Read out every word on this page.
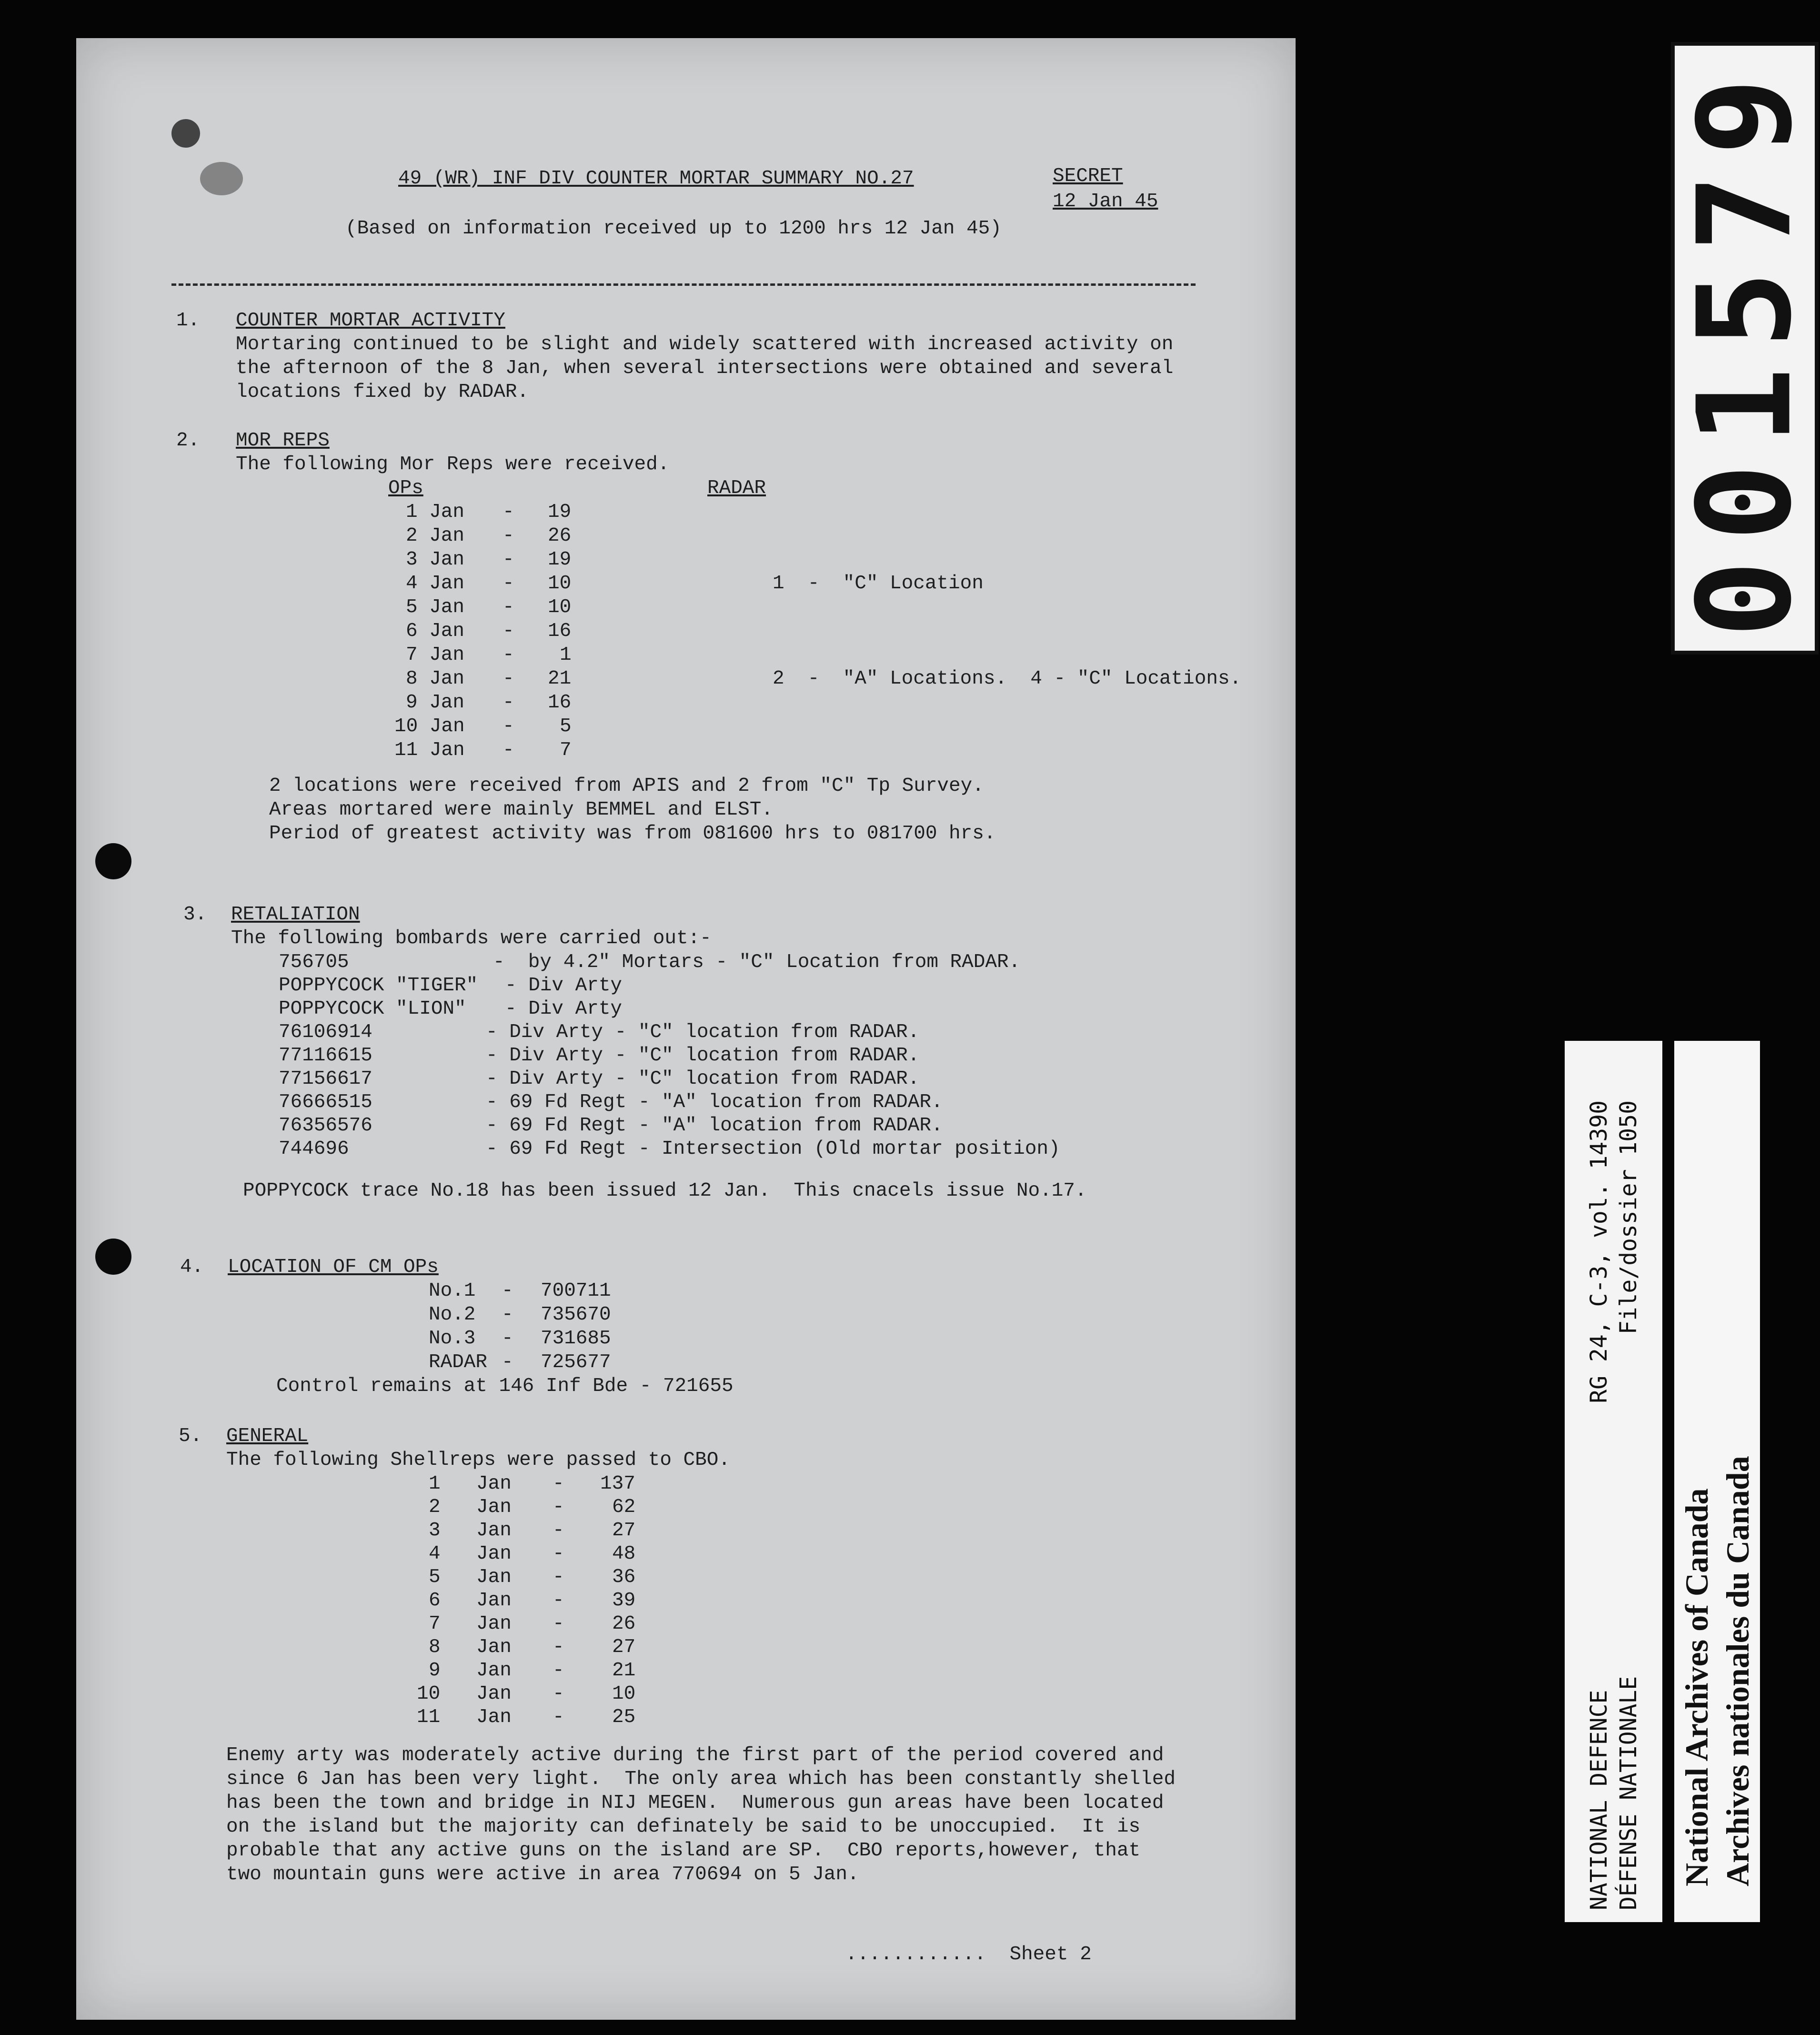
49 (WR) INF DIV COUNTER MORTAR SUMMARY NO.27	SECRET
12 Jan 45
(Based on information received up to 1200 hrs 12 Jan 45)
1. COUNTER MORTAR ACTIVITY
Mortaring continued to be slight and widely scattered with increased activity on
the afternoon of the 8 Jan, when several intersections were obtained and several
locations fixed by RADAR.
2. MOR REPS
The following Mor Reps were received.
OPs	RADAR
2 locations were received from APIS and 2 from "C" Tp Survey.
Areas mortared were mainly BEMMEL and ELST.
Period of greatest activity was from 081600 hrs to 081700 hrs.
3. RETALIATION
The following bombards were carried out:-
POPPYCOCK trace No.18 has been issued 12 Jan.  This cnacels issue No.17.
4. LOCATION OF CM OPs
Control remains at 146 Inf Bde - 721655
5. GENERAL
The following Shellreps were passed to CBO.
Enemy arty was moderately active during the first part of the period covered and
since 6 Jan has been very light.  The only area which has been constantly shelled
has been the town and bridge in NIJ MEGEN.  Numerous gun areas have been located
on the island but the majority can definately be said to be unoccupied.  It is
probable that any active guns on the island are SP.  CBO reports,however, that
two mountain guns were active in area 770694 on 5 Jan.
............  Sheet 2
1 Jan - 19
2 Jan - 26
3 Jan - 19
4 Jan - 10	1  -  "C" Location
5 Jan - 10
6 Jan - 16
7 Jan - 1
8 Jan - 21	2  -  "A" Locations.  4 - "C" Locations.
9 Jan - 16
10 Jan - 5
11 Jan - 7
756705	-  by 4.2" Mortars - "C" Location from RADAR.
POPPYCOCK "TIGER" - Div Arty
POPPYCOCK "LION" - Div Arty
76106914	- Div Arty - "C" location from RADAR.
77116615	- Div Arty - "C" location from RADAR.
77156617	- Div Arty - "C" location from RADAR.
76666515	- 69 Fd Regt - "A" location from RADAR.
76356576	- 69 Fd Regt - "A" location from RADAR.
744696	- 69 Fd Regt - Intersection (Old mortar position)
No.1 - 700711
No.2 - 735670
No.3 - 731685
RADAR - 725677
1 Jan - 137
2 Jan - 62
3 Jan - 27
4 Jan - 48
5 Jan - 36
6 Jan - 39
7 Jan - 26
8 Jan - 27
9 Jan - 21
10 Jan - 10
11 Jan - 25
001579
NATIONAL DEFENCERG 24, C-3, vol. 14390
DÉFENSE NATIONALEFile/dossier 1050
National Archives of Canada Archives nationales du Canada
